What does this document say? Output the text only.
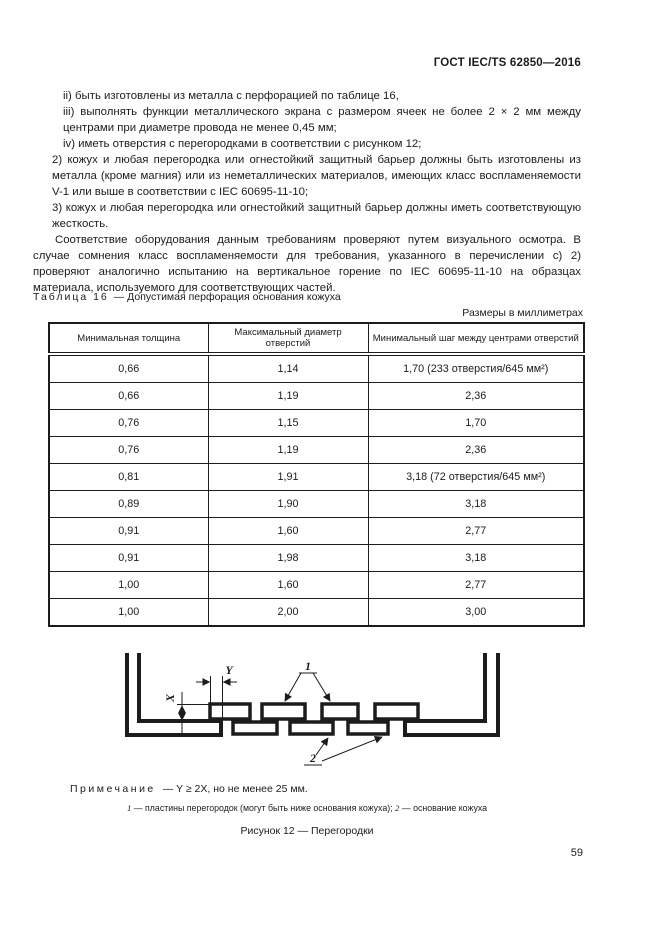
ГОСТ IEC/TS 62850—2016

ii) быть изготовлены из металла с перфорацией по таблице 16,

iii) выполнять функции металлического экрана с размером ячеек не более 2 × 2 мм между центрами при диаметре провода не менее 0,45 мм;

iv) иметь отверстия с перегородками в соответствии с рисунком 12;

2) кожух и любая перегородка или огнестойкий защитный барьер должны быть изготовлены из металла (кроме магния) или из неметаллических материалов, имеющих класс воспламеняемости V-1 или выше в соответствии с IEC 60695-11-10;

3) кожух и любая перегородка или огнестойкий защитный барьер должны иметь соответствующую жесткость.

Соответствие оборудования данным требованиям проверяют путем визуального осмотра. В случае сомнения класс воспламеняемости для требования, указанного в перечислении c) 2) проверяют аналогично испытанию на вертикальное горение по IEC 60695-11-10 на образцах материала, используемого для соответствующих частей.

Таблица 16 — Допустимая перфорация основания кожуха
Размеры в миллиметрах
Минимальная толщина	Максимальный диаметр отверстий	Минимальный шаг между центрами отверстий
0,66	1,14	1,70 (233 отверстия/645 мм²)
0,66	1,19	2,36
0,76	1,15	1,70
0,76	1,19	2,36
0,81	1,91	3,18 (72 отверстия/645 мм²)
0,89	1,90	3,18
0,91	1,60	2,77
0,91	1,98	3,18
1,00	1,60	2,77
1,00	2,00	3,00
X
Y	1
2
Примечание — Y ≥ 2X, но не менее 25 мм.
1 — пластины перегородок (могут быть ниже основания кожуха); 2 — основание кожуха
Рисунок 12 — Перегородки
59
